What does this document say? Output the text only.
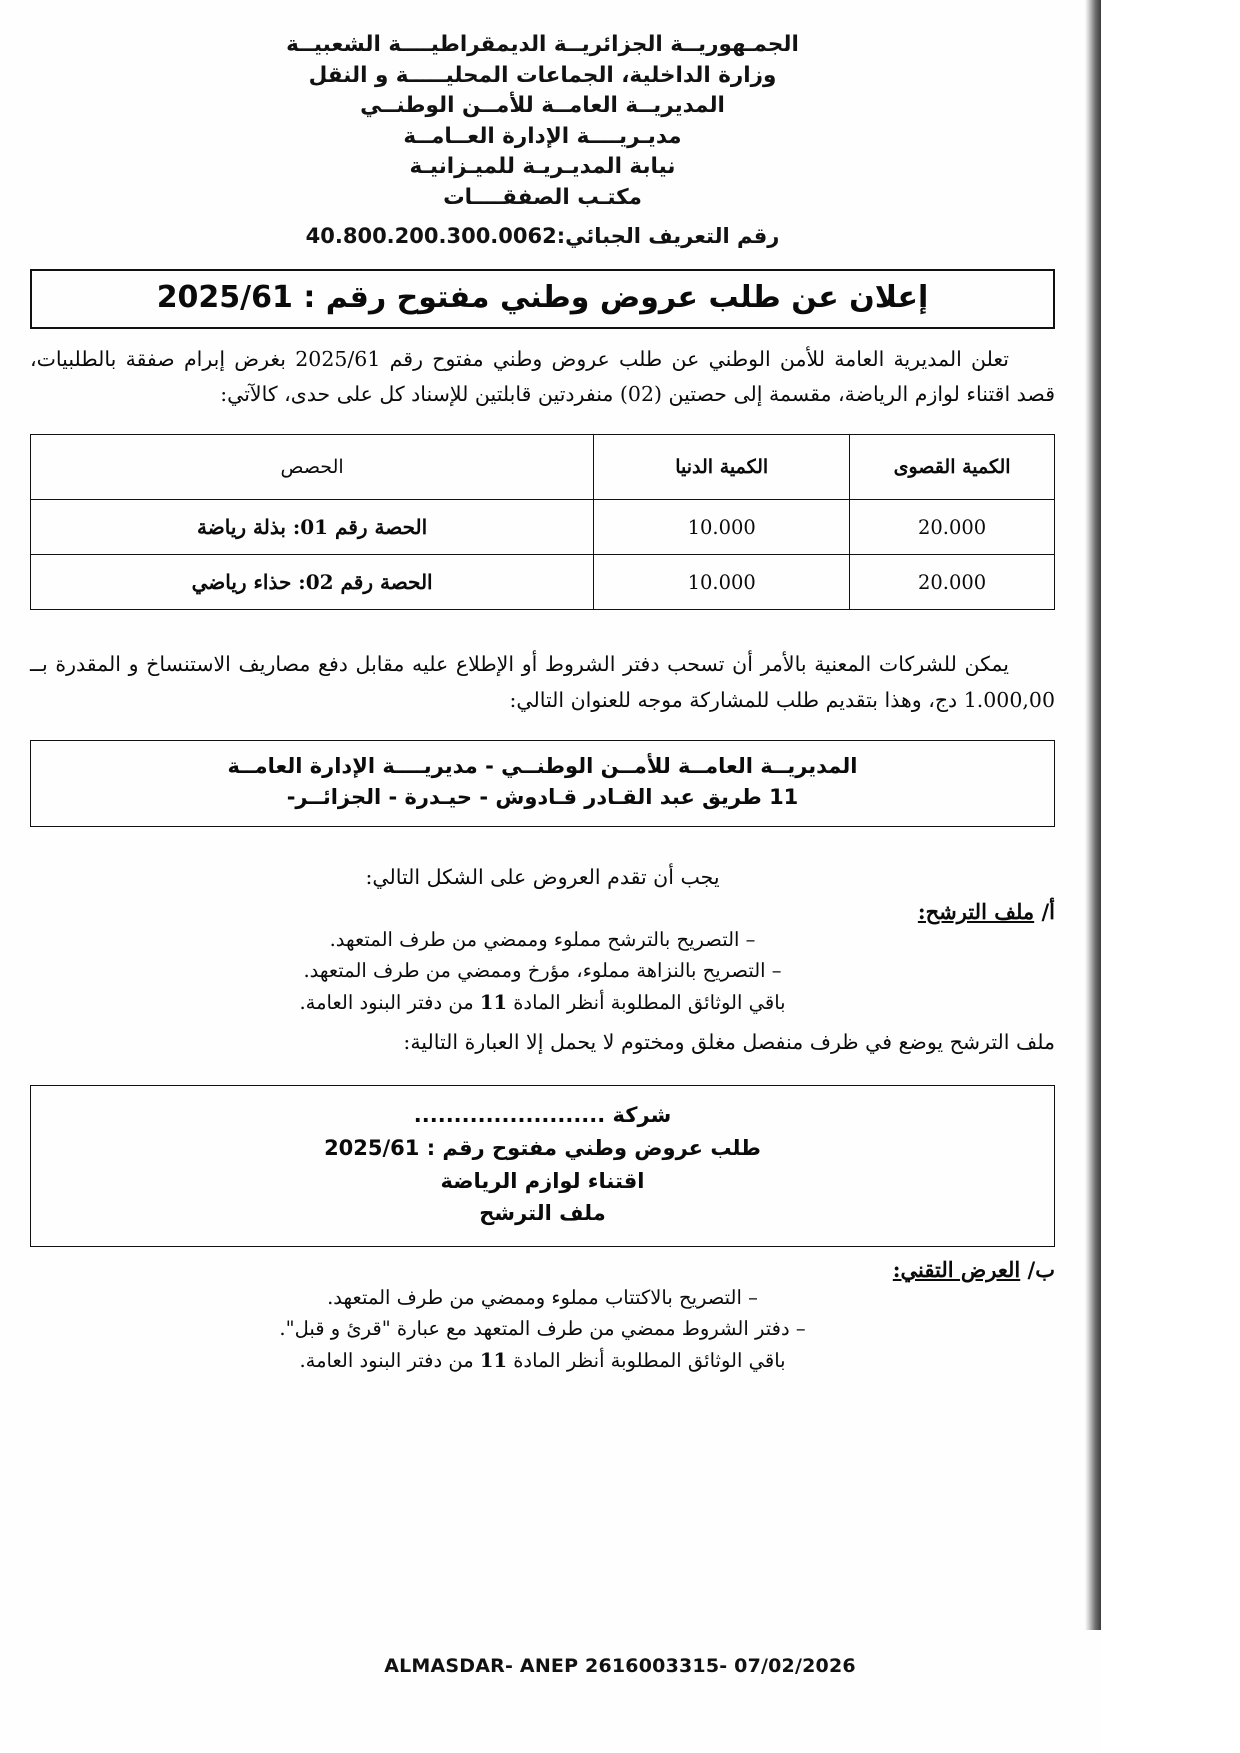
الجمـهوريــة الجزائريــة الديمقراطيــــة الشعبيــة
وزارة الداخلية، الجماعات المحليـــــة و النقل
المديريــة العامــة للأمــن الوطنــي
مديـريــــة الإدارة العــامــة
نيابة المديـريـة للميـزانيـة
مكتـب الصفقــــات
رقم التعريف الجبائي:40.800.200.300.0062
إعلان عن طلب عروض وطني مفتوح رقم : 2025/61
تعلن المديرية العامة للأمن الوطني عن طلب عروض وطني مفتوح رقم 2025/61 بغرض إبرام صفقة بالطلبيات، قصد اقتناء لوازم الرياضة، مقسمة إلى حصتين (02) منفردتين قابلتين للإسناد كل على حدى، كالآتي:
الكمية القصوى	الكمية الدنيا	الحصص
20.000	10.000	الحصة رقم 01: بذلة رياضة
20.000	10.000	الحصة رقم 02: حذاء رياضي
يمكن للشركات المعنية بالأمر أن تسحب دفتر الشروط أو الإطلاع عليه مقابل دفع مصاريف الاستنساخ و المقدرة بــ 1.000,00 دج، وهذا بتقديم طلب للمشاركة موجه للعنوان التالي:
المديريــة العامــة للأمــن الوطنــي - مديريــــة الإدارة العامــة
11 طريق عبد القـادر قـادوش - حيـدرة - الجزائــر-
يجب أن تقدم العروض على الشكل التالي:
أ/ ملف الترشح:
– التصريح بالترشح مملوء وممضي من طرف المتعهد.
– التصريح بالنزاهة مملوء، مؤرخ وممضي من طرف المتعهد.
باقي الوثائق المطلوبة أنظر المادة 11 من دفتر البنود العامة.
ملف الترشح يوضع في ظرف منفصل مغلق ومختوم لا يحمل إلا العبارة التالية:
شركة ........................
طلب عروض وطني مفتوح رقم : 2025/61
اقتناء لوازم الرياضة
ملف الترشح
ب/ العرض التقني:
– التصريح بالاكتتاب مملوء وممضي من طرف المتعهد.
– دفتر الشروط ممضي من طرف المتعهد مع عبارة "قرئ و قبل".
باقي الوثائق المطلوبة أنظر المادة 11 من دفتر البنود العامة.
ALMASDAR- ANEP 2616003315- 07/02/2026
